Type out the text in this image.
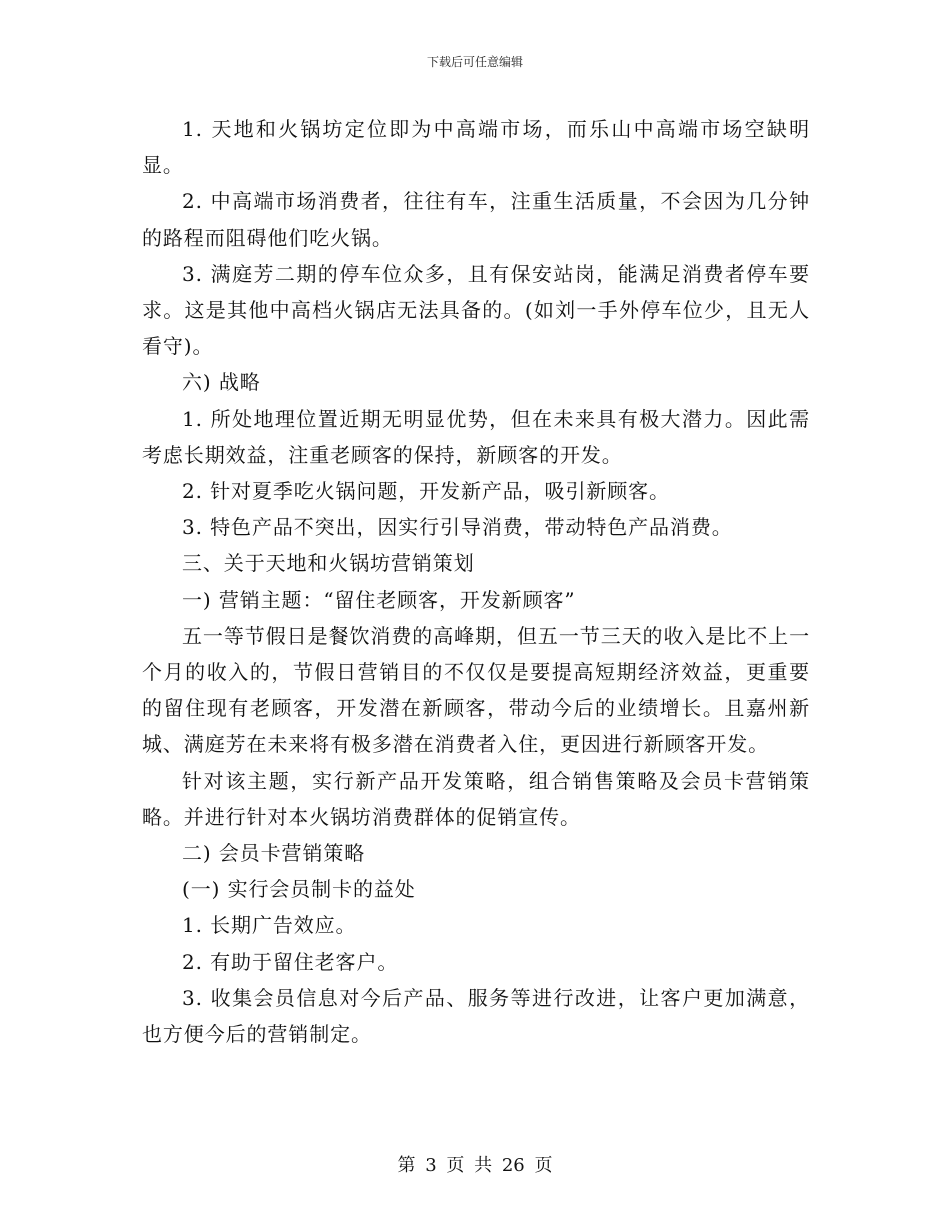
下载后可任意编辑

1. 天地和火锅坊定位即为中高端市场，而乐山中高端市场空缺明显。

2. 中高端市场消费者，往往有车，注重生活质量，不会因为几分钟的路程而阻碍他们吃火锅。

3. 满庭芳二期的停车位众多，且有保安站岗，能满足消费者停车要求。这是其他中高档火锅店无法具备的。(如刘一手外停车位少，且无人看守)。

六) 战略

1. 所处地理位置近期无明显优势，但在未来具有极大潜力。因此需考虑长期效益，注重老顾客的保持，新顾客的开发。

2. 针对夏季吃火锅问题，开发新产品，吸引新顾客。

3. 特色产品不突出，因实行引导消费，带动特色产品消费。

三、关于天地和火锅坊营销策划

一) 营销主题：“留住老顾客，开发新顾客”

五一等节假日是餐饮消费的高峰期，但五一节三天的收入是比不上一个月的收入的，节假日营销目的不仅仅是要提高短期经济效益，更重要的留住现有老顾客，开发潜在新顾客，带动今后的业绩增长。且嘉州新城、满庭芳在未来将有极多潜在消费者入住，更因进行新顾客开发。

针对该主题，实行新产品开发策略，组合销售策略及会员卡营销策略。并进行针对本火锅坊消费群体的促销宣传。

二) 会员卡营销策略

(一) 实行会员制卡的益处

1. 长期广告效应。

2. 有助于留住老客户。

3. 收集会员信息对今后产品、服务等进行改进，让客户更加满意，也方便今后的营销制定。

第 3 页 共 26 页
